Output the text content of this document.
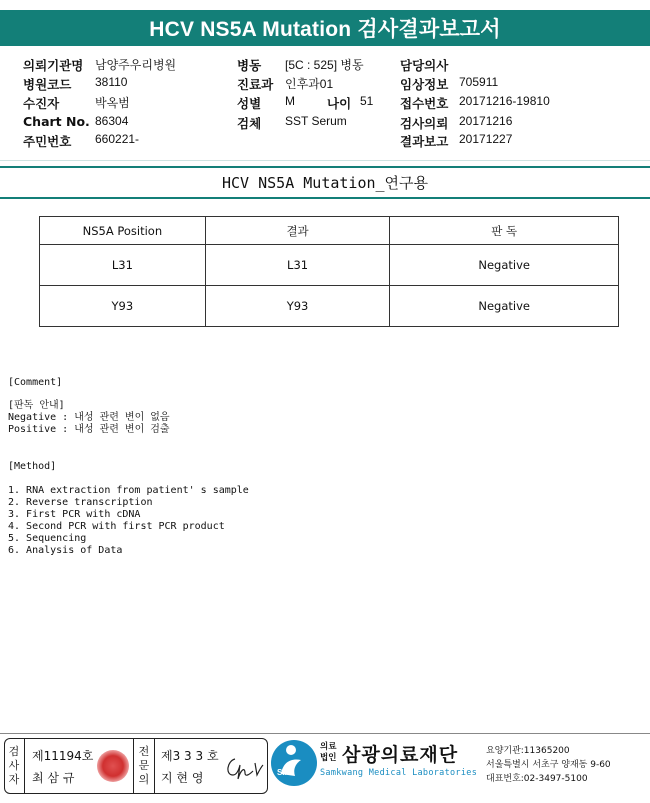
HCV NS5A Mutation 검사결과보고서
의뢰기관명 남양주우리병원
병원코드 38110
수진자	박옥범
Chart No. 86304
주민번호 660221-
병동 [5C : 525] 병동
진료과 인후과01
성별 M	나이 51
검체 SST Serum
담당의사
임상정보 705911
접수번호 20171216-19810
검사의뢰 20171216
결과보고 20171227
HCV NS5A Mutation_연구용
NS5A Position	결과	판 독
L31	L31	Negative
Y93	Y93	Negative
[Comment]
[판독 안내]
Negative : 내성 관련 변이 없음
Positive : 내성 관련 변이 검출
[Method]
1. RNA extraction from patient' s sample
2. Reverse transcription
3. First PCR with cDNA
4. Second PCR with first PCR product
5. Sequencing
6. Analysis of Data
검
사
자
제11194호
최 삼 규
전
문
의
제3 3 3 호
지 현 영	SML
의료
법인 삼광의료재단
Samkwang Medical Laboratories
요양기관:11365200
서울특별시 서초구 양재동 9-60
대표번호:02-3497-5100
